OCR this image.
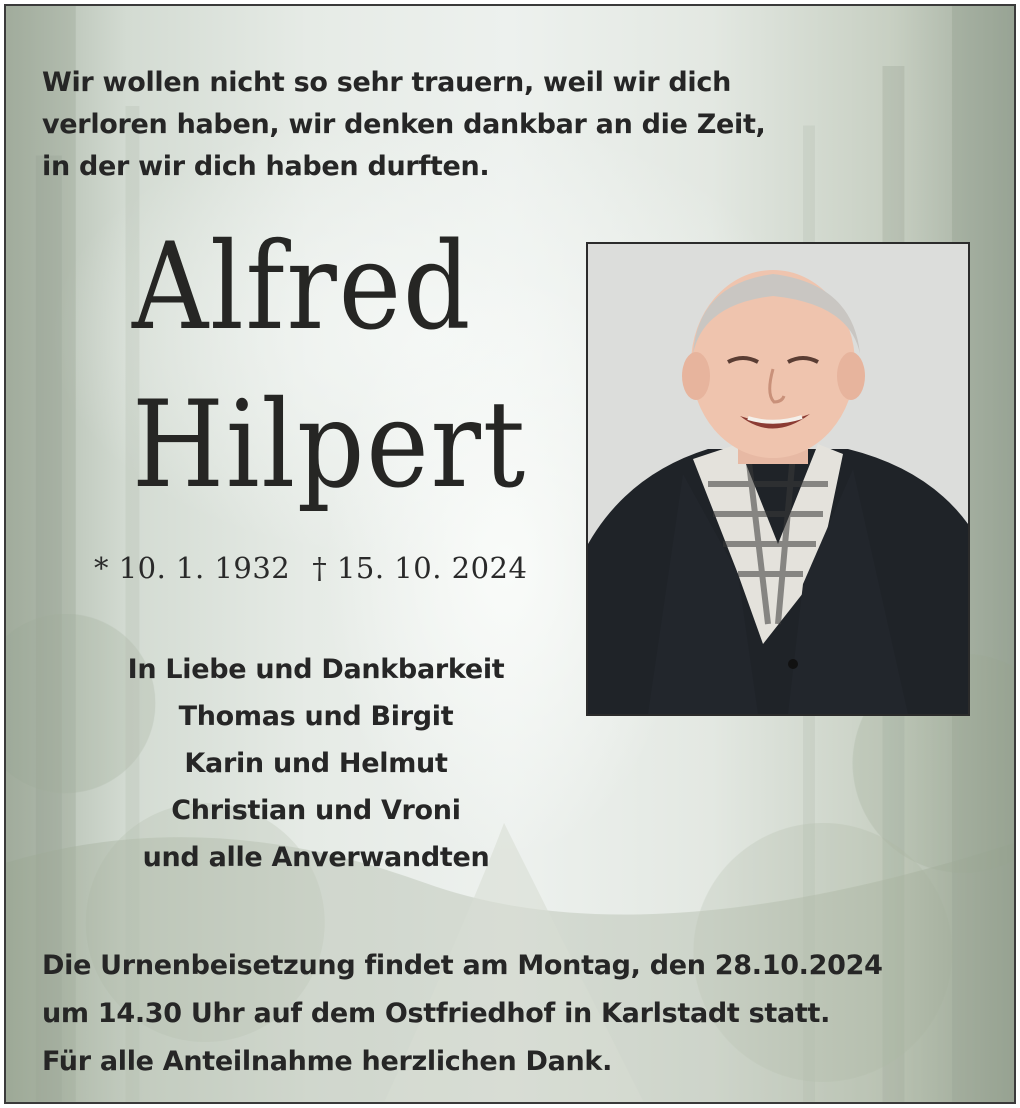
Wir wollen nicht so sehr trauern, weil wir dich
verloren haben, wir denken dankbar an die Zeit,
in der wir dich haben durften.
Alfred
Hilpert
* 10. 1. 1932 † 15. 10. 2024
In Liebe und Dankbarkeit
Thomas und Birgit
Karin und Helmut
Christian und Vroni
und alle Anverwandten
Die Urnenbeisetzung findet am Montag, den 28.10.2024
um 14.30 Uhr auf dem Ostfriedhof in Karlstadt statt.
Für alle Anteilnahme herzlichen Dank.
